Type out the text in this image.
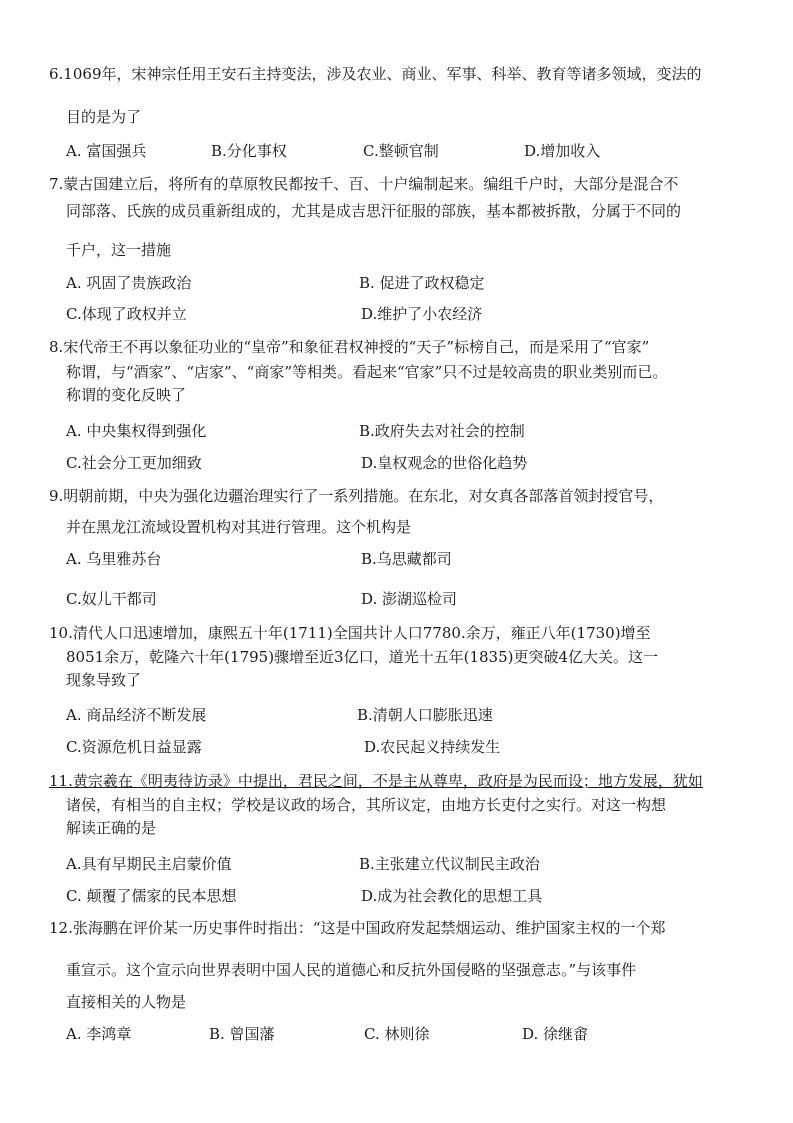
6.1069年，宋神宗任用王安石主持变法，涉及农业、商业、军事、科举、教育等诸多领域，变法的
目的是为了
A. 富国强兵	B.分化事权	C.整顿官制	D.增加收入
7.蒙古国建立后，将所有的草原牧民都按千、百、十户编制起来。编组千户时，大部分是混合不
同部落、氏族的成员重新组成的，尤其是成吉思汗征服的部族，基本都被拆散，分属于不同的
千户，这一措施
A. 巩固了贵族政治	B. 促进了政权稳定
C.体现了政权并立	D.维护了小农经济
8.宋代帝王不再以象征功业的“皇帝”和象征君权神授的“天子”标榜自己，而是采用了“官家”
称谓，与“酒家”、“店家”、“商家”等相类。看起来“官家”只不过是较高贵的职业类别而已。
称谓的变化反映了
A. 中央集权得到强化	B.政府失去对社会的控制
C.社会分工更加细致	D.皇权观念的世俗化趋势
9.明朝前期，中央为强化边疆治理实行了一系列措施。在东北，对女真各部落首领封授官号，
并在黑龙江流域设置机构对其进行管理。这个机构是
A. 乌里雅苏台	B.乌思藏都司
C.奴儿干都司	D. 澎湖巡检司
10.清代人口迅速增加，康熙五十年(1711)全国共计人口7780.余万，雍正八年(1730)增至
8051余万，乾隆六十年(1795)骤增至近3亿口，道光十五年(1835)更突破4亿大关。这一
现象导致了
A. 商品经济不断发展	B.清朝人口膨胀迅速
C.资源危机日益显露	D.农民起义持续发生
11.黄宗羲在《明夷待访录》中提出，君民之间，不是主从尊卑，政府是为民而设；地方发展，犹如
诸侯，有相当的自主权；学校是议政的场合，其所议定，由地方长吏付之实行。对这一构想
解读正确的是
A.具有早期民主启蒙价值	B.主张建立代议制民主政治
C. 颠覆了儒家的民本思想	D.成为社会教化的思想工具
12.张海鹏在评价某一历史事件时指出：“这是中国政府发起禁烟运动、维护国家主权的一个郑
重宣示。这个宣示向世界表明中国人民的道德心和反抗外国侵略的坚强意志。”与该事件
直接相关的人物是
A. 李鸿章	B. 曾国藩	C. 林则徐	D. 徐继畬
